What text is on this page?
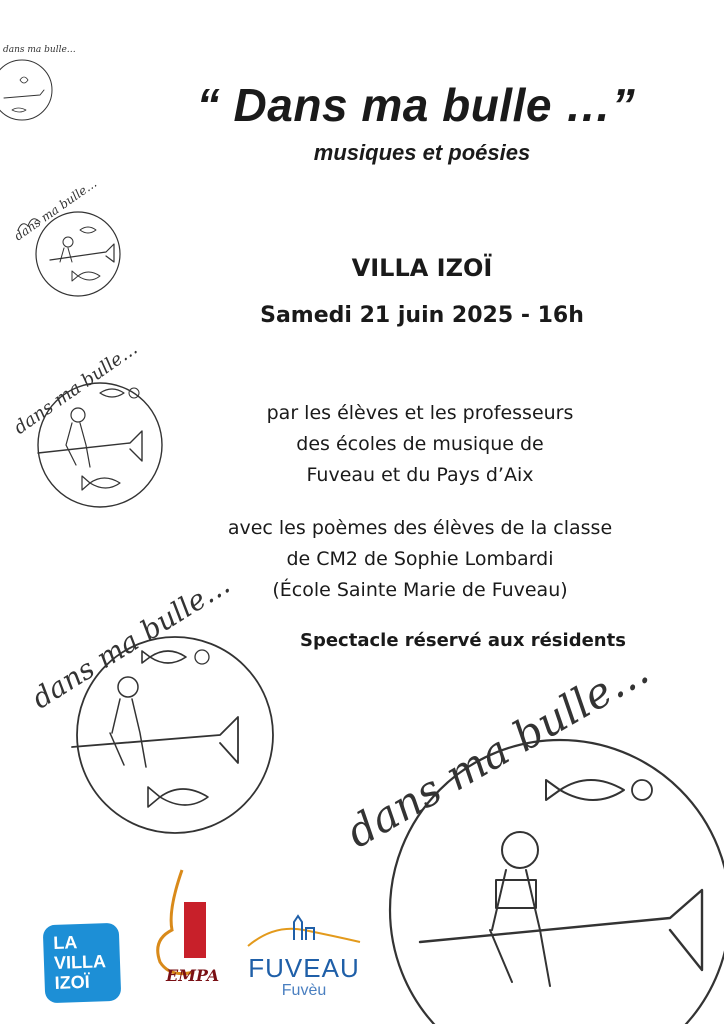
dans ma bulle…
dans ma bulle…
dans ma bulle…
dans ma bulle…
dans ma bulle…
“ Dans ma bulle …”
musiques et poésies
VILLA IZOÏ
Samedi 21 juin 2025 - 16h
par les élèves et les professeurs
des écoles de musique de
Fuveau et du Pays d’Aix
avec les poèmes des élèves de la classe
de CM2 de Sophie Lombardi
(École Sainte Marie de Fuveau)
Spectacle réservé aux résidents
LA
VILLA
IZOÏ	EMPA FUVEAU
Fuvèu
